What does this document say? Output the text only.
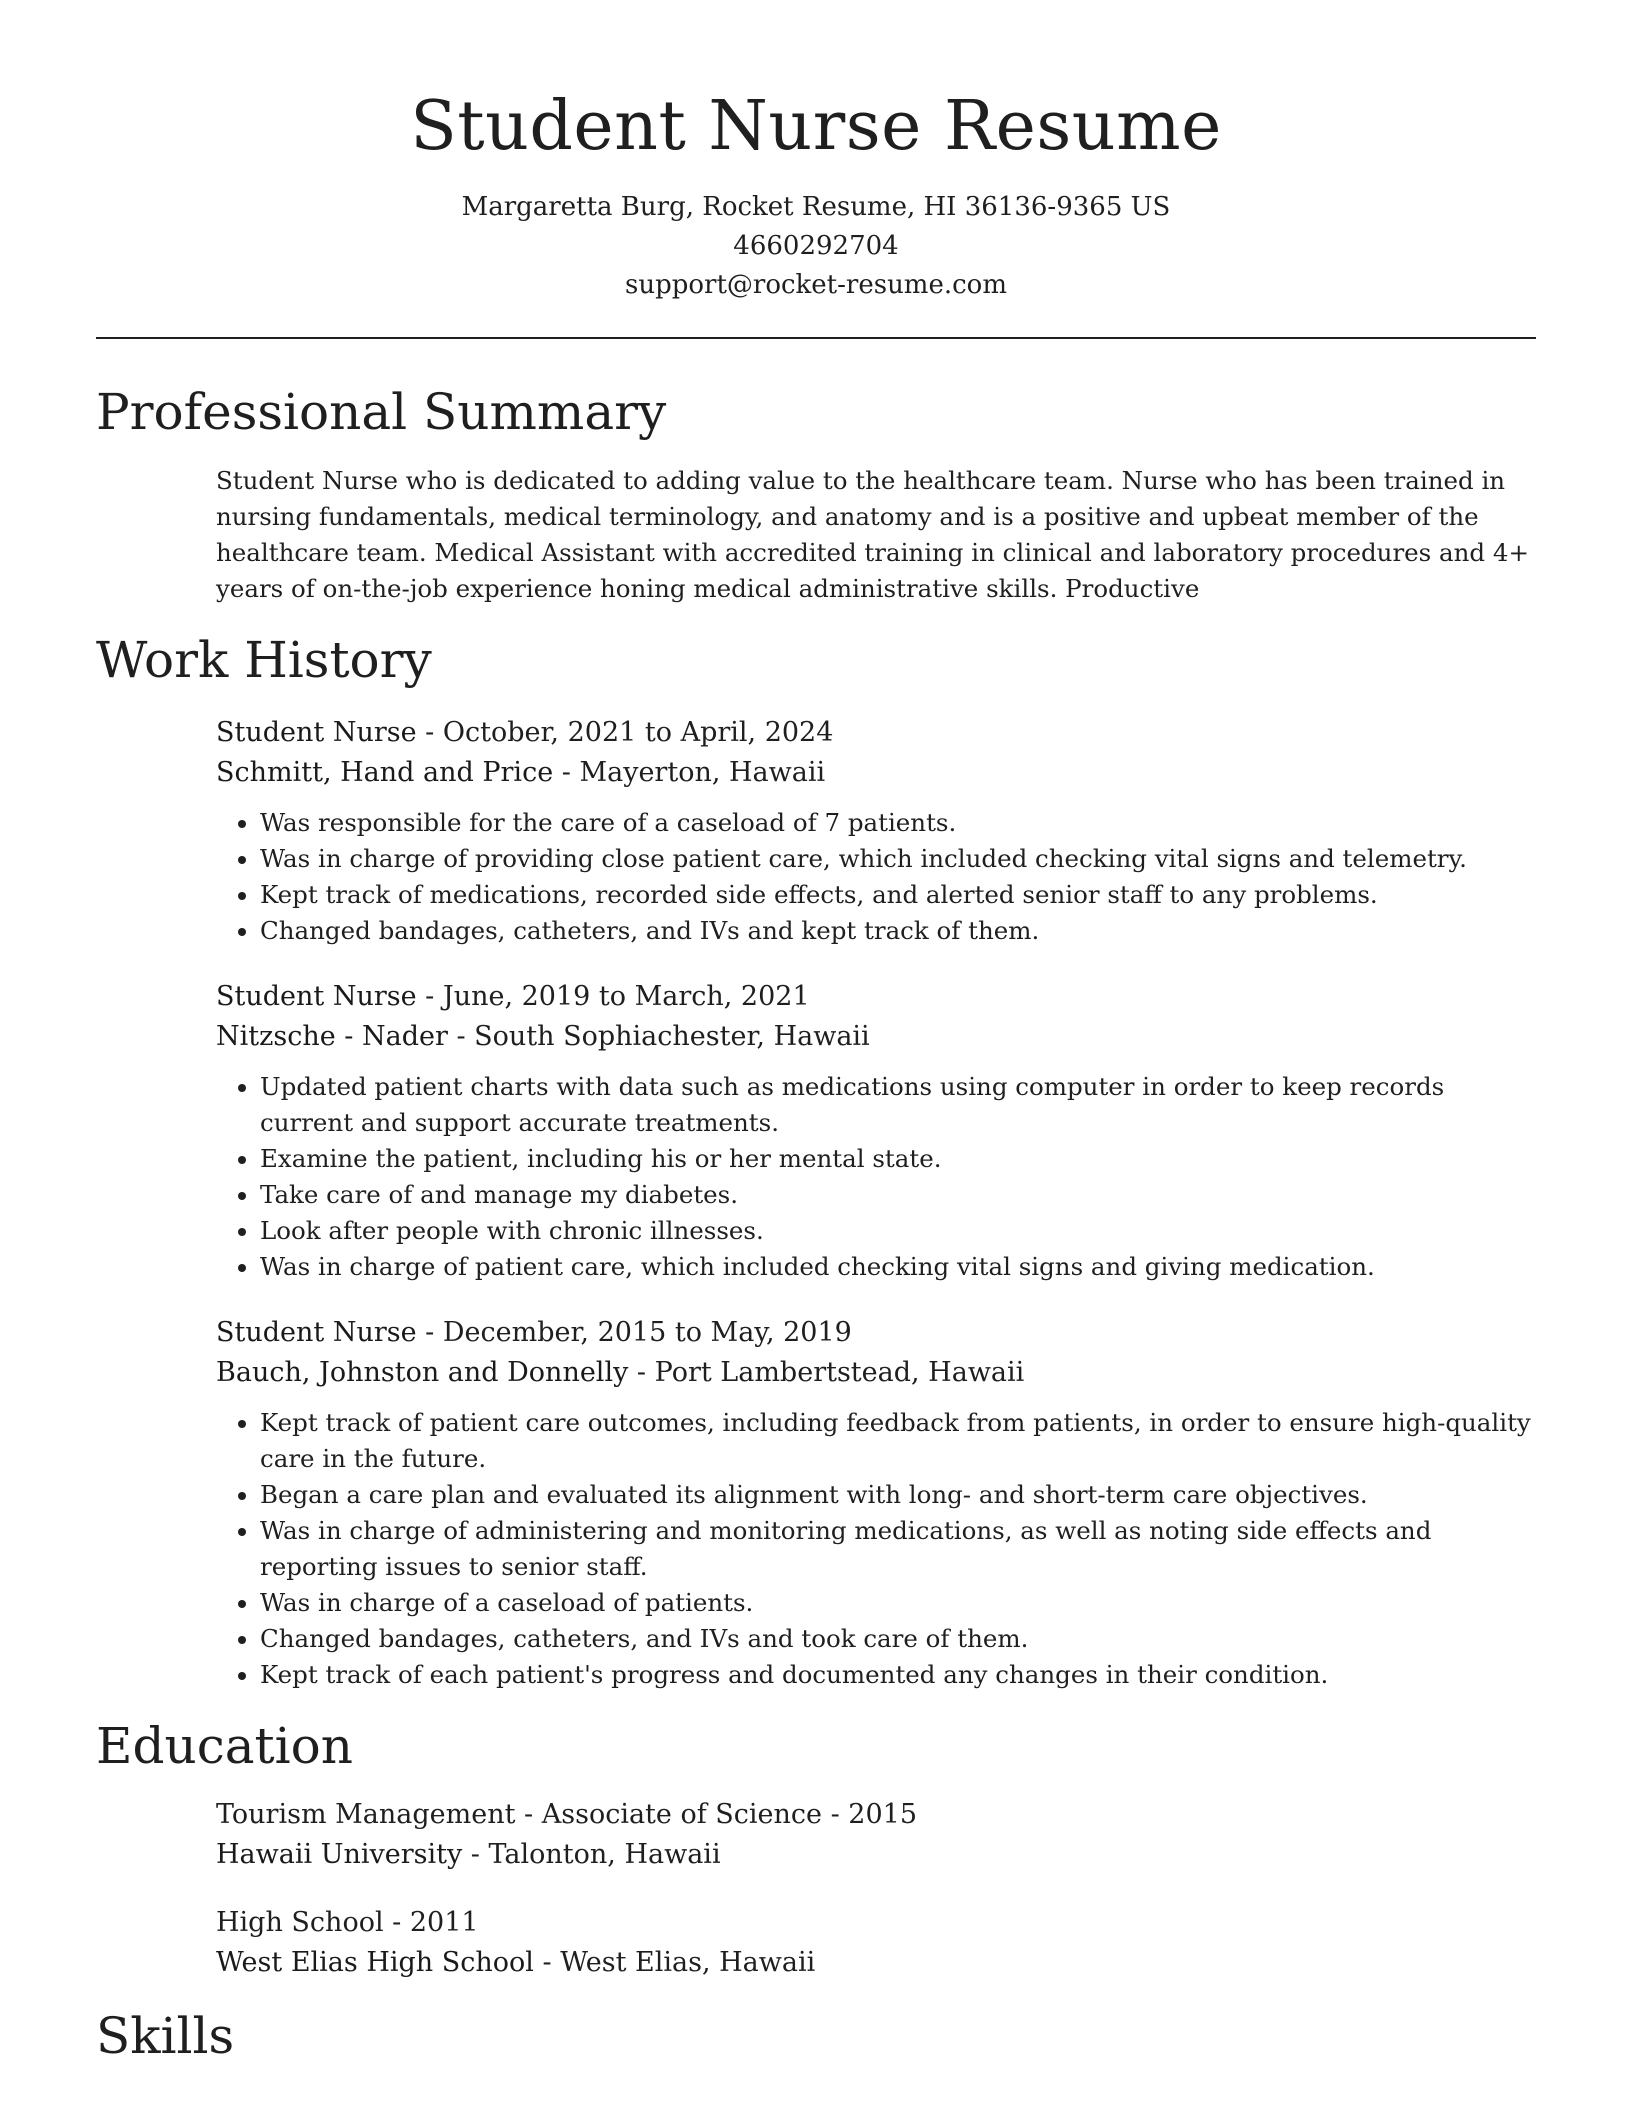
Student Nurse Resume
Margaretta Burg, Rocket Resume, HI 36136-9365 US
4660292704
support@rocket-resume.com
Professional Summary

Student Nurse who is dedicated to adding value to the healthcare team. Nurse who has been trained in nursing fundamentals, medical terminology, and anatomy and is a positive and upbeat member of the healthcare team. Medical Assistant with accredited training in clinical and laboratory procedures and 4+ years of on-the-job experience honing medical administrative skills. Productive

Work History
Student Nurse - October, 2021 to April, 2024
Schmitt, Hand and Price - Mayerton, Hawaii
• Was responsible for the care of a caseload of 7 patients.
• Was in charge of providing close patient care, which included checking vital signs and telemetry.
• Kept track of medications, recorded side effects, and alerted senior staff to any problems.
• Changed bandages, catheters, and IVs and kept track of them.
Student Nurse - June, 2019 to March, 2021
Nitzsche - Nader - South Sophiachester, Hawaii
• Updated patient charts with data such as medications using computer in order to keep records current and support accurate treatments.
• Examine the patient, including his or her mental state.
• Take care of and manage my diabetes.
• Look after people with chronic illnesses.
• Was in charge of patient care, which included checking vital signs and giving medication.
Student Nurse - December, 2015 to May, 2019
Bauch, Johnston and Donnelly - Port Lambertstead, Hawaii
• Kept track of patient care outcomes, including feedback from patients, in order to ensure high-quality care in the future.
• Began a care plan and evaluated its alignment with long- and short-term care objectives.
• Was in charge of administering and monitoring medications, as well as noting side effects and reporting issues to senior staff.
• Was in charge of a caseload of patients.
• Changed bandages, catheters, and IVs and took care of them.
• Kept track of each patient's progress and documented any changes in their condition.
Education
Tourism Management - Associate of Science - 2015
Hawaii University - Talonton, Hawaii
High School - 2011
West Elias High School - West Elias, Hawaii
Skills
